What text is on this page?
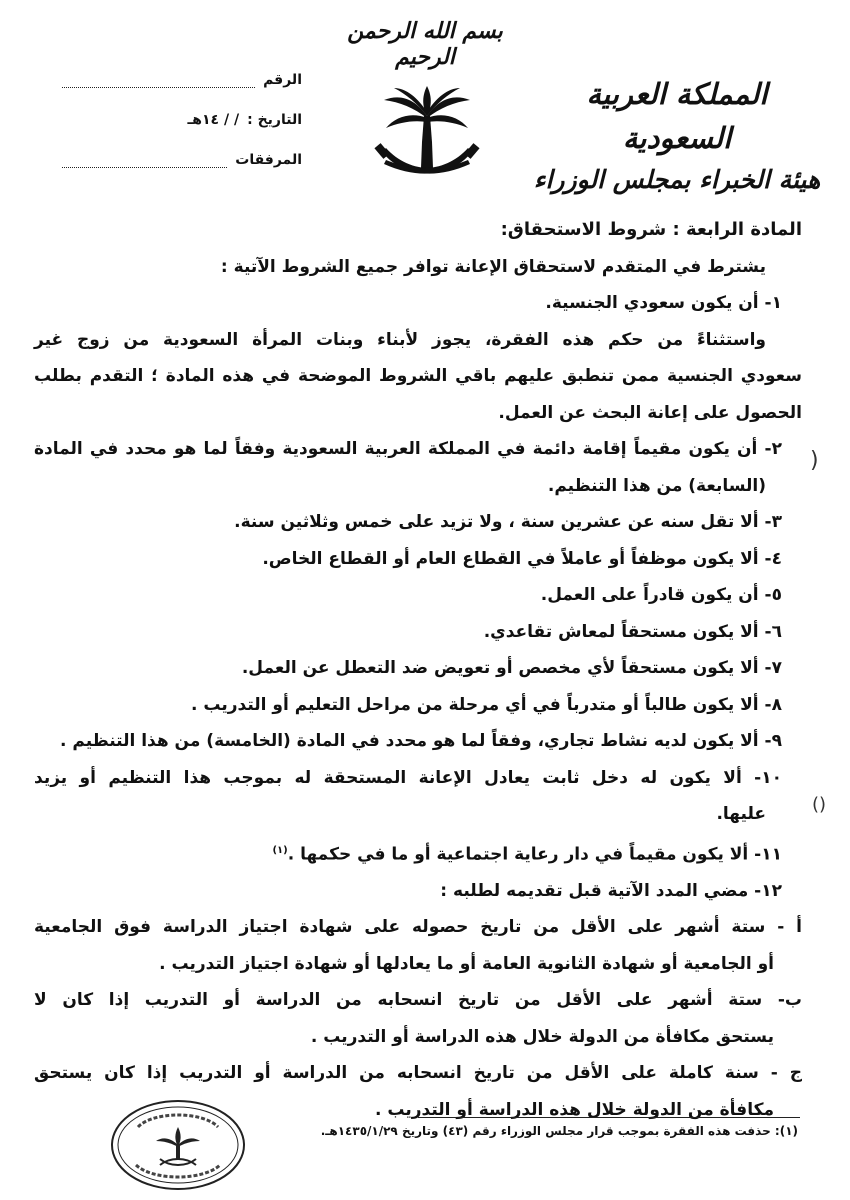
بسم الله الرحمن الرحيم
المملكة العربية السعودية
هيئة الخبراء بمجلس الوزراء
الرقم
التاريخ :
/ / ١٤هـ
المرفقات
المادة الرابعة : شروط الاستحقاق:
يشترط في المتقدم لاستحقاق الإعانة توافر جميع الشروط الآتية :
١- أن يكون سعودي الجنسية.
واستثناءً من حكم هذه الفقرة، يجوز لأبناء وبنات المرأة السعودية من زوج غير
سعودي الجنسية ممن تنطبق عليهم باقي الشروط الموضحة في هذه المادة ؛ التقدم بطلب
الحصول على إعانة البحث عن العمل.
٢- أن يكون مقيماً إقامة دائمة في المملكة العربية السعودية وفقاً لما هو محدد في المادة
(السابعة) من هذا التنظيم.
٣- ألا تقل سنه عن عشرين سنة ، ولا تزيد على خمس وثلاثين سنة.
٤- ألا يكون موظفاً أو عاملاً في القطاع العام أو القطاع الخاص.
٥- أن يكون قادراً على العمل.
٦- ألا يكون مستحقاً لمعاش تقاعدي.
٧- ألا يكون مستحقاً لأي مخصص أو تعويض ضد التعطل عن العمل.
٨- ألا يكون طالباً أو متدرباً في أي مرحلة من مراحل التعليم أو التدريب .
٩- ألا يكون لديه نشاط تجاري، وفقاً لما هو محدد في المادة (الخامسة) من هذا التنظيم .
١٠- ألا يكون له دخل ثابت يعادل الإعانة المستحقة له بموجب هذا التنظيم أو يزيد
عليها.
١١- ألا يكون مقيماً في دار رعاية اجتماعية أو ما في حكمها .$^{(١)}$
١٢- مضي المدد الآتية قبل تقديمه لطلبه :
أ - ستة أشهر على الأقل من تاريخ حصوله على شهادة اجتياز الدراسة فوق الجامعية
أو الجامعية أو شهادة الثانوية العامة أو ما يعادلها أو شهادة اجتياز التدريب .
ب- ستة أشهر على الأقل من تاريخ انسحابه من الدراسة أو التدريب إذا كان لا
يستحق مكافأة من الدولة خلال هذه الدراسة أو التدريب .
ج - سنة كاملة على الأقل من تاريخ انسحابه من الدراسة أو التدريب إذا كان يستحق
مكافأة من الدولة خلال هذه الدراسة أو التدريب .
(
()
(١): حذفت هذه الفقرة بموجب قرار مجلس الوزراء رقم (٤٣) وتاريخ ١٤٣٥/١/٢٩هـ.
